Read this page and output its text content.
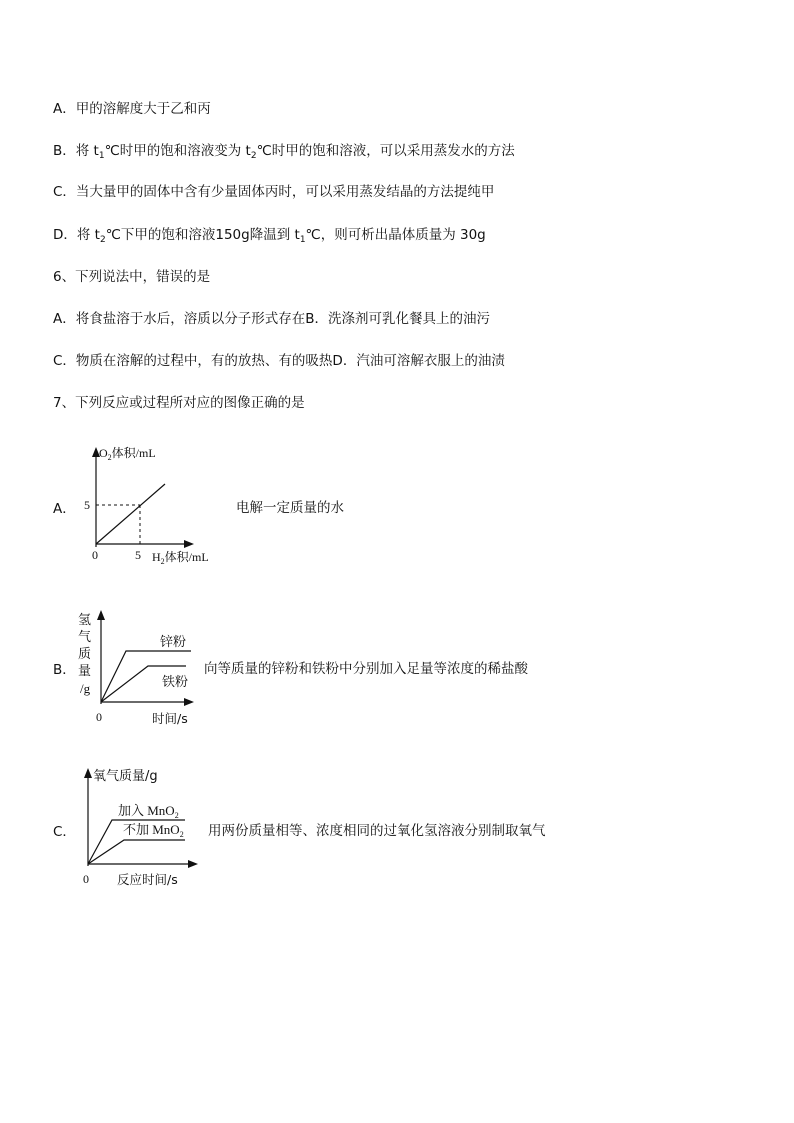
A．甲的溶解度大于乙和丙
B．将 $t_1℃$时甲的饱和溶液变为 $t_2℃$时甲的饱和溶液，可以采用蒸发水的方法
C．当大量甲的固体中含有少量固体丙时，可以采用蒸发结晶的方法提纯甲
D．将 $t_2℃$下甲的饱和溶液150g降温到 $t_1℃$，则可析出晶体质量为 30g
6、下列说法中，错误的是
A．将食盐溶于水后，溶质以分子形式存在B．洗涤剂可乳化餐具上的油污
C．物质在溶解的过程中，有的放热、有的吸热D．汽油可溶解衣服上的油渍
7、下列反应或过程所对应的图像正确的是
A．
$O_2$体积/mL
5
0	5 $H_2$体积/mL
电解一定质量的水
B．
氢
气
质
量
/g
锌粉
铁粉
0	时间/s
向等质量的锌粉和铁粉中分别加入足量等浓度的稀盐酸
C．
氧气质量/g
加入 MnO$_2$
不加 MnO$_2$
0 反应时间/s
用两份质量相等、浓度相同的过氧化氢溶液分别制取氧气
